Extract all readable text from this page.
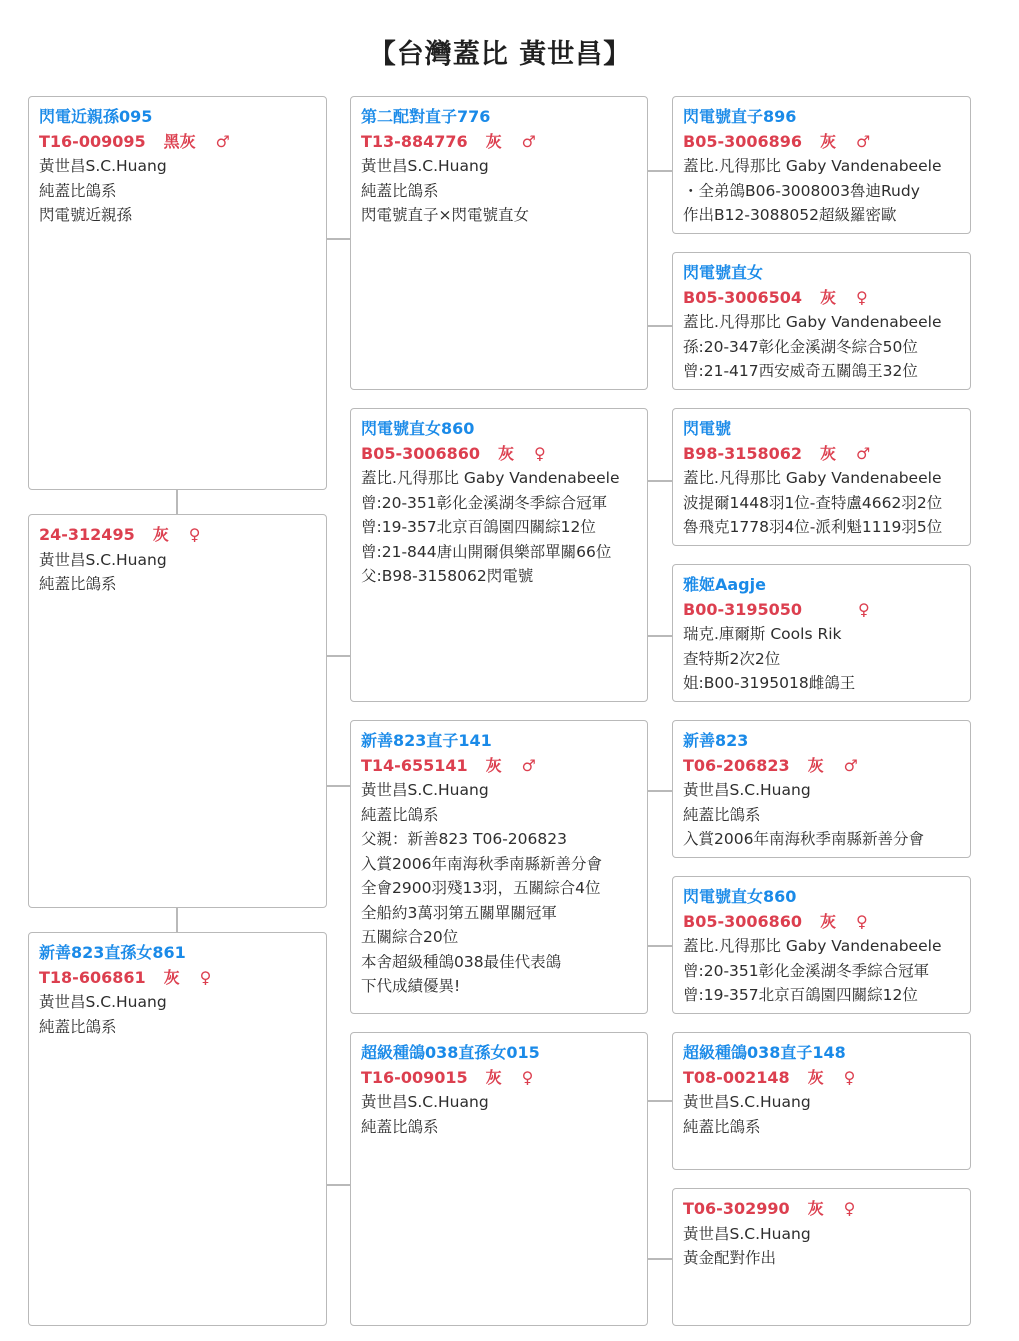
【台灣蓋比 黃世昌】
閃電近親孫095
T16-009095 黑灰 ♂
黃世昌S.C.Huang
純蓋比鴿系
閃電號近親孫
24-312495 灰 ♀
黃世昌S.C.Huang
純蓋比鴿系
新善823直孫女861
T18-606861 灰 ♀
黃世昌S.C.Huang
純蓋比鴿系
第二配對直子776
T13-884776 灰 ♂
黃世昌S.C.Huang
純蓋比鴿系
閃電號直子×閃電號直女
閃電號直女860
B05-3006860 灰 ♀
蓋比.凡得那比 Gaby Vandenabeele
曾:20-351彰化金溪湖冬季綜合冠軍
曾:19-357北京百鴿園四關綜12位
曾:21-844唐山開爾俱樂部單關66位
父:B98-3158062閃電號
新善823直子141
T14-655141 灰 ♂
黃世昌S.C.Huang
純蓋比鴿系
父親：新善823 T06-206823
入賞2006年南海秋季南縣新善分會
全會2900羽殘13羽，五關綜合4位
全船約3萬羽第五關單關冠軍
五關綜合20位
本舍超級種鴿038最佳代表鴿
下代成績優異!
超級種鴿038直孫女015
T16-009015 灰 ♀
黃世昌S.C.Huang
純蓋比鴿系
閃電號直子896
B05-3006896 灰 ♂
蓋比.凡得那比 Gaby Vandenabeele
・全弟鴿B06-3008003魯迪Rudy
作出B12-3088052超級羅密歐
閃電號直女
B05-3006504 灰 ♀
蓋比.凡得那比 Gaby Vandenabeele
孫:20-347彰化金溪湖冬綜合50位
曾:21-417西安威奇五關鴿王32位
閃電號
B98-3158062 灰 ♂
蓋比.凡得那比 Gaby Vandenabeele
波提爾1448羽1位-查特盧4662羽2位
魯飛克1778羽4位-派利魁1119羽5位
雅姬Aagje
B00-3195050	♀
瑞克.庫爾斯 Cools Rik
查特斯2次2位
姐:B00-3195018雌鴿王
新善823
T06-206823 灰 ♂
黃世昌S.C.Huang
純蓋比鴿系
入賞2006年南海秋季南縣新善分會
閃電號直女860
B05-3006860 灰 ♀
蓋比.凡得那比 Gaby Vandenabeele
曾:20-351彰化金溪湖冬季綜合冠軍
曾:19-357北京百鴿園四關綜12位
超級種鴿038直子148
T08-002148 灰 ♀
黃世昌S.C.Huang
純蓋比鴿系
T06-302990 灰 ♀
黃世昌S.C.Huang
黃金配對作出
